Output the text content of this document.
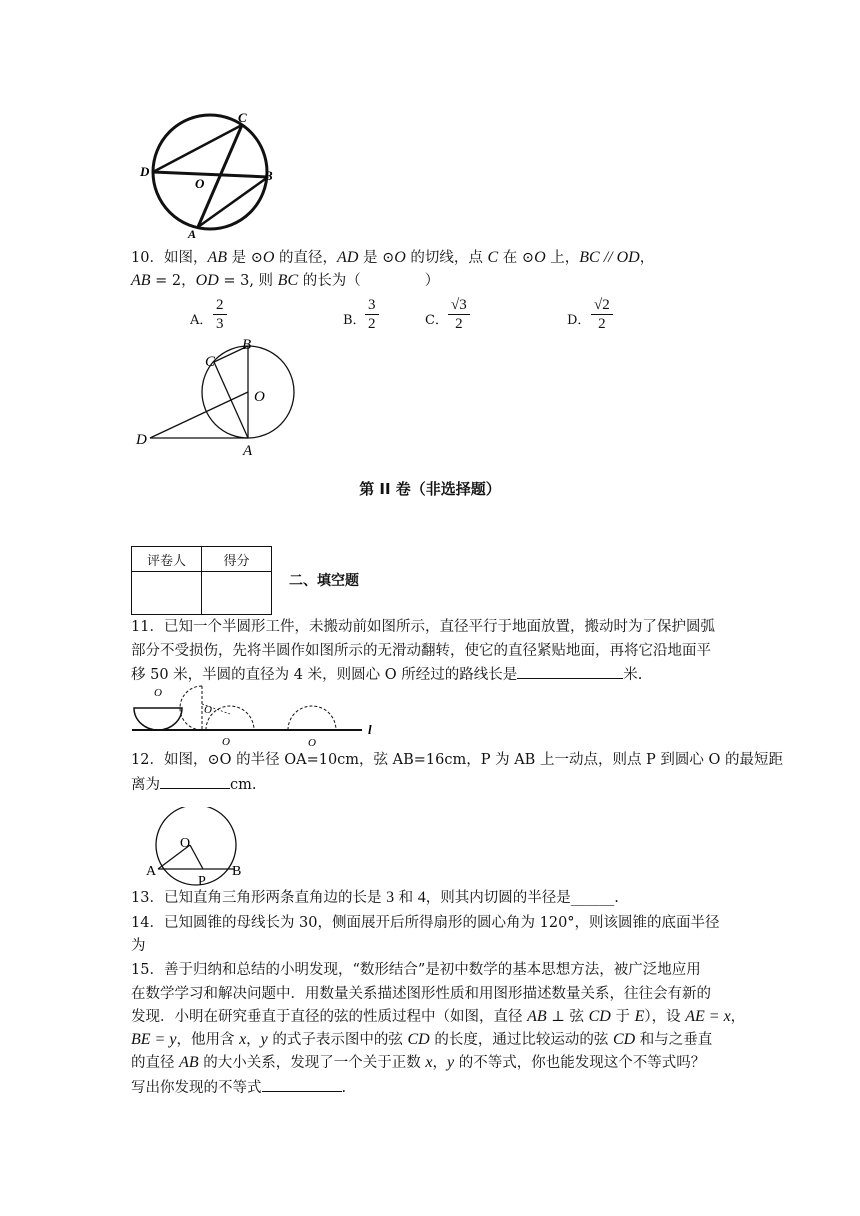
C
D
O
B
A
10．如图，AB 是 ⊙O 的直径，AD 是 ⊙O 的切线，点 C 在 ⊙O 上，BC // OD，
AB = 2，OD = 3, 则 BC 的长为（	）
A． $\frac{2}{3}$	B． $\frac{3}{2}$	C． $\frac{√3}{2}$	D． $\frac{√2}{2}$
B
C
O
D
A
第 II 卷（非选择题）
评卷人	得分

二、填空题
11．已知一个半圆形工件，未搬动前如图所示，直径平行于地面放置，搬动时为了保护圆弧
部分不受损伤，先将半圆作如图所示的无滑动翻转，使它的直径紧贴地面，再将它沿地面平
移 50 米，半圆的直径为 4 米，则圆心 O 所经过的路线长是	米.
O
O
O	O
l
12．如图，⊙O 的半径 OA=10cm，弦 AB=16cm，P 为 AB 上一动点，则点 P 到圆心 O 的最短距
离为	cm.
O
A
P
B
13．已知直角三角形两条直角边的长是 3 和 4，则其内切圆的半径是______.
14．已知圆锥的母线长为 30，侧面展开后所得扇形的圆心角为 120°，则该圆锥的底面半径
为
15．善于归纳和总结的小明发现，“数形结合”是初中数学的基本思想方法，被广泛地应用
在数学学习和解决问题中．用数量关系描述图形性质和用图形描述数量关系，往往会有新的
发现．小明在研究垂直于直径的弦的性质过程中（如图，直径 AB ⊥ 弦 CD 于 E），设 AE = x，
BE = y，他用含 x，y 的式子表示图中的弦 CD 的长度，通过比较运动的弦 CD 和与之垂直
的直径 AB 的大小关系，发现了一个关于正数 x，y 的不等式，你也能发现这个不等式吗？
写出你发现的不等式	.
